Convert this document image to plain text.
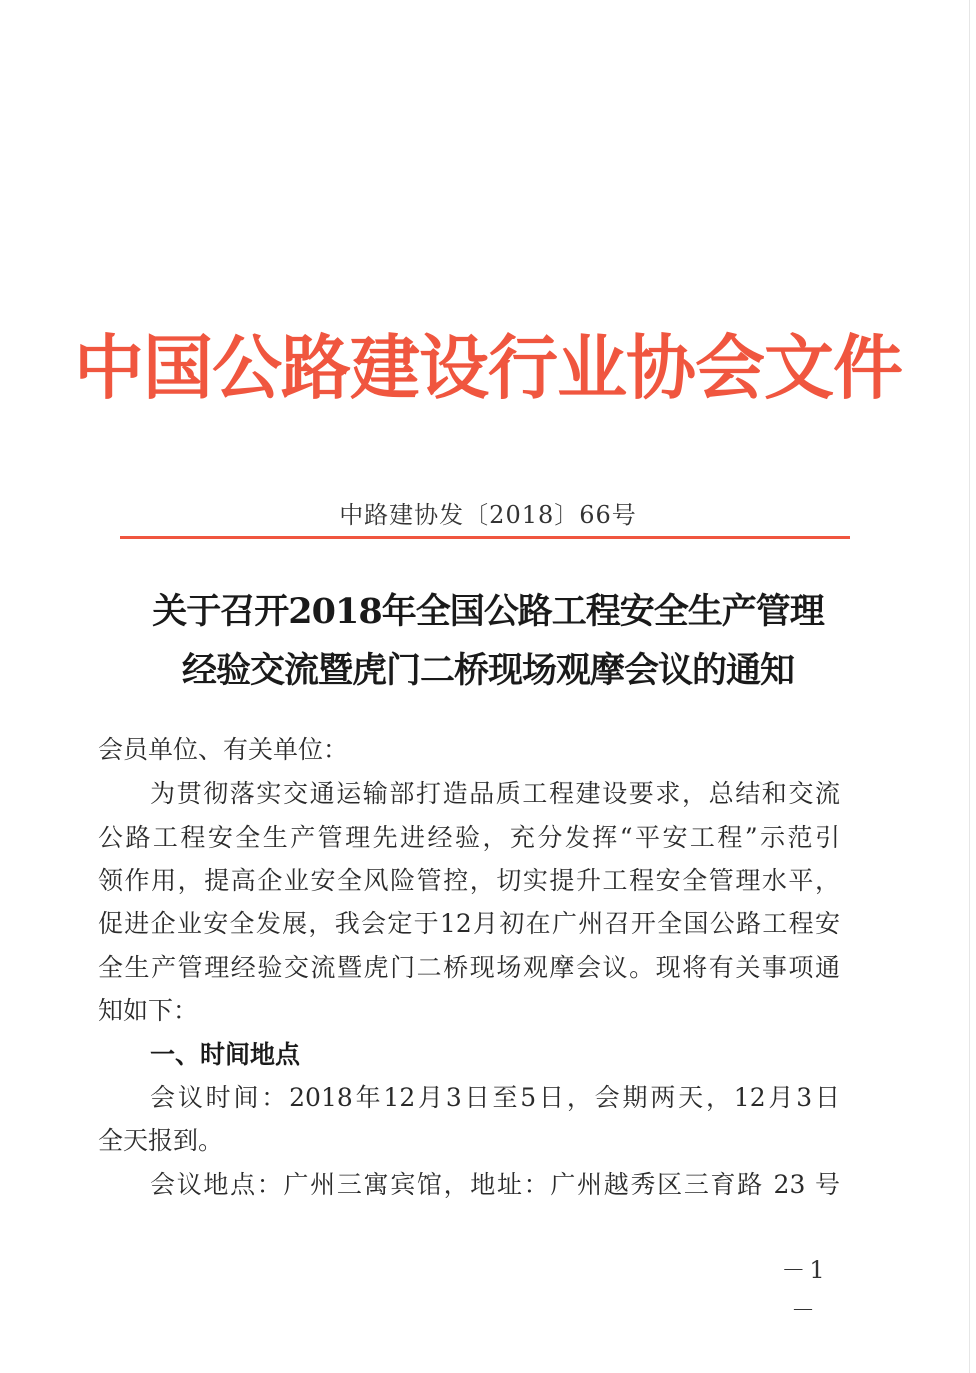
中国公路建设行业协会文件
中路建协发〔2018〕66号
关于召开2018年全国公路工程安全生产管理
经验交流暨虎门二桥现场观摩会议的通知
会员单位、有关单位：
为贯彻落实交通运输部打造品质工程建设要求，总结和交流
公路工程安全生产管理先进经验，充分发挥“平安工程”示范引
领作用，提高企业安全风险管控，切实提升工程安全管理水平，
促进企业安全发展，我会定于12月初在广州召开全国公路工程安
全生产管理经验交流暨虎门二桥现场观摩会议。现将有关事项通
知如下：
一、时间地点
会议时间：2018年12月3日至5日，会期两天，12月3日
全天报到。
会议地点：广州三寓宾馆，地址：广州越秀区三育路 23 号
－1－
